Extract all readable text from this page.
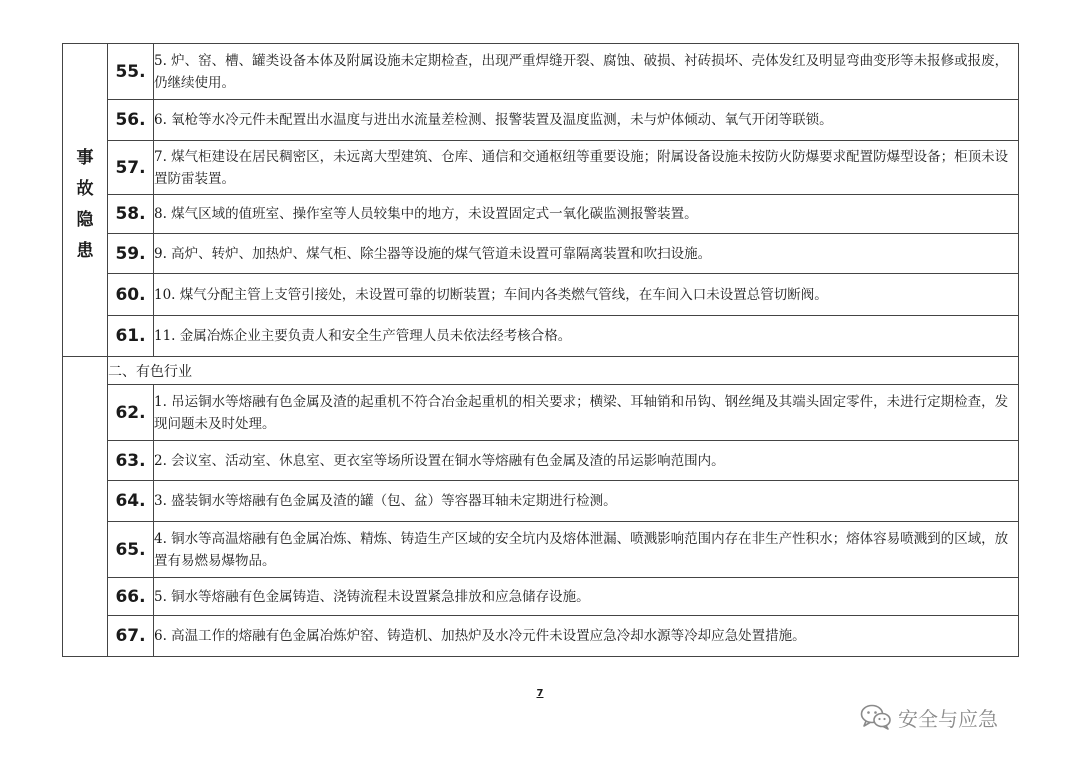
事
故
隐
患	55.	5. 炉、窑、槽、罐类设备本体及附属设施未定期检查，出现严重焊缝开裂、腐蚀、破损、衬砖损坏、壳体发红及明显弯曲变形等未报修或报废，仍继续使用。
	56.	6. 氧枪等水冷元件未配置出水温度与进出水流量差检测、报警装置及温度监测，未与炉体倾动、氧气开闭等联锁。
	57.	7. 煤气柜建设在居民稠密区，未远离大型建筑、仓库、通信和交通枢纽等重要设施；附属设备设施未按防火防爆要求配置防爆型设备；柜顶未设置防雷装置。
	58.	8. 煤气区域的值班室、操作室等人员较集中的地方，未设置固定式一氧化碳监测报警装置。
	59.	9. 高炉、转炉、加热炉、煤气柜、除尘器等设施的煤气管道未设置可靠隔离装置和吹扫设施。
	60.	10. 煤气分配主管上支管引接处，未设置可靠的切断装置；车间内各类燃气管线，在车间入口未设置总管切断阀。
	61.	11. 金属冶炼企业主要负责人和安全生产管理人员未依法经考核合格。
	二、有色行业	
	62.	1. 吊运铜水等熔融有色金属及渣的起重机不符合冶金起重机的相关要求；横梁、耳轴销和吊钩、钢丝绳及其端头固定零件，未进行定期检查，发现问题未及时处理。
	63.	2. 会议室、活动室、休息室、更衣室等场所设置在铜水等熔融有色金属及渣的吊运影响范围内。
	64.	3. 盛装铜水等熔融有色金属及渣的罐（包、盆）等容器耳轴未定期进行检测。
	65.	4. 铜水等高温熔融有色金属冶炼、精炼、铸造生产区域的安全坑内及熔体泄漏、喷溅影响范围内存在非生产性积水；熔体容易喷溅到的区域，放置有易燃易爆物品。
	66.	5. 铜水等熔融有色金属铸造、浇铸流程未设置紧急排放和应急储存设施。
	67.	6. 高温工作的熔融有色金属冶炼炉窑、铸造机、加热炉及水冷元件未设置应急冷却水源等冷却应急处置措施。
7
安全与应急
